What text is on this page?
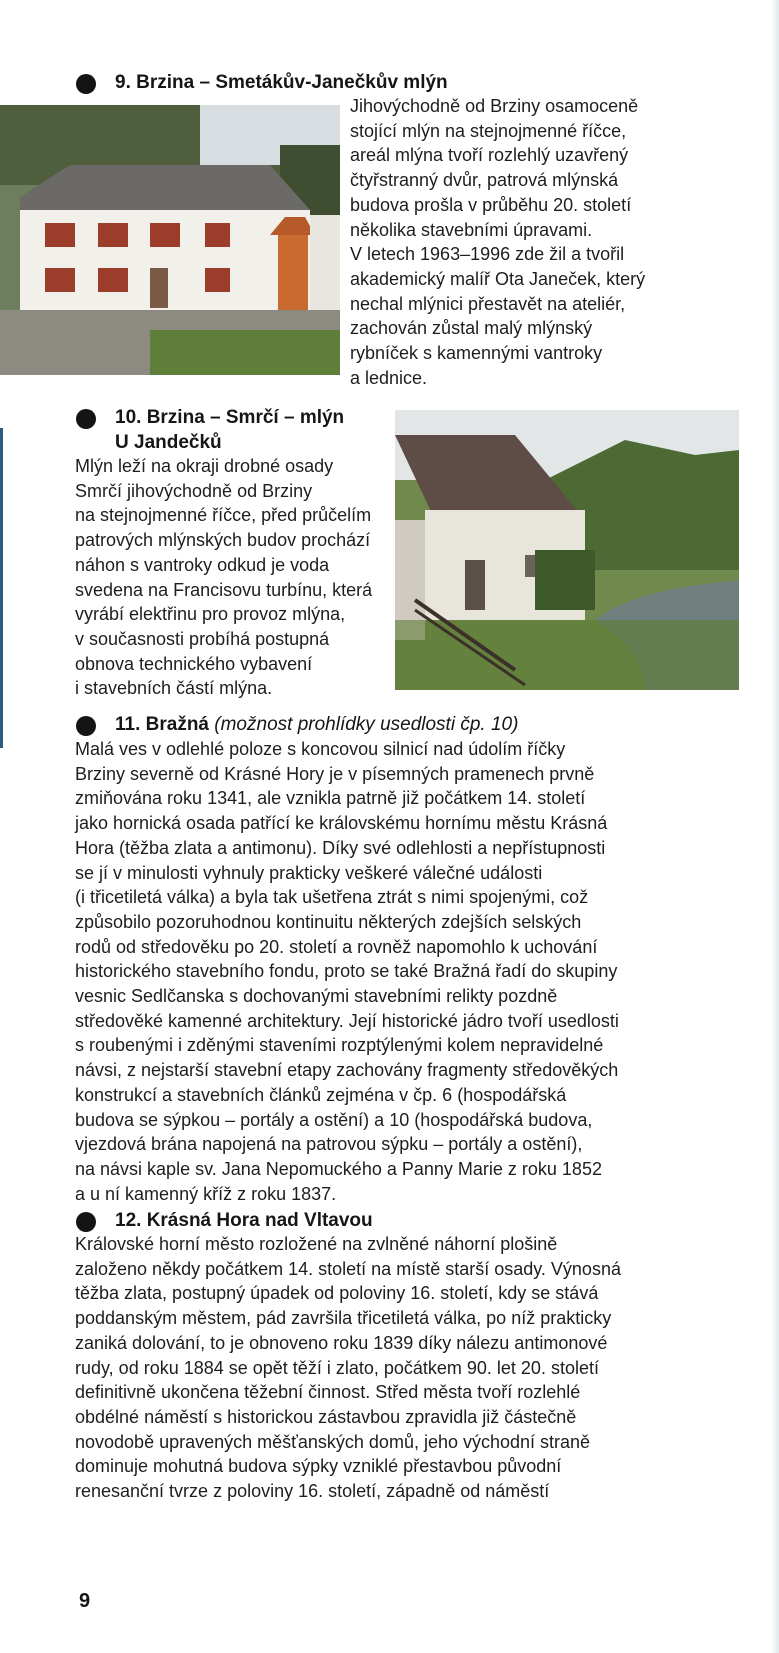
9. Brzina – Smetákův-Janečkův mlýn

Jihovýchodně od Brziny osamoceně
stojící mlýn na stejnojmenné říčce,
areál mlýna tvoří rozlehlý uzavřený
čtyřstranný dvůr, patrová mlýnská
budova prošla v průběhu 20. století
několika stavebními úpravami.
V letech 1963–1996 zde žil a tvořil
akademický malíř Ota Janeček, který
nechal mlýnici přestavět na ateliér,
zachován zůstal malý mlýnský
rybníček s kamennými vantroky
a lednice.

10. Brzina – Smrčí – mlýn
U Jandečků

Mlýn leží na okraji drobné osady
Smrčí jihovýchodně od Brziny
na stejnojmenné říčce, před průčelím
patrových mlýnských budov prochází
náhon s vantroky odkud je voda
svedena na Francisovu turbínu, která
vyrábí elektřinu pro provoz mlýna,
v současnosti probíhá postupná
obnova technického vybavení
i stavebních částí mlýna.

11. Bražná (možnost prohlídky usedlosti čp. 10)

Malá ves v odlehlé poloze s koncovou silnicí nad údolím říčky
Brziny severně od Krásné Hory je v písemných pramenech prvně
zmiňována roku 1341, ale vznikla patrně již počátkem 14. století
jako hornická osada patřící ke královskému hornímu městu Krásná
Hora (těžba zlata a antimonu). Díky své odlehlosti a nepřístupnosti
se jí v minulosti vyhnuly prakticky veškeré válečné události
(i třicetiletá válka) a byla tak ušetřena ztrát s nimi spojenými, což
způsobilo pozoruhodnou kontinuitu některých zdejších selských
rodů od středověku po 20. století a rovněž napomohlo k uchování
historického stavebního fondu, proto se také Bražná řadí do skupiny
vesnic Sedlčanska s dochovanými stavebními relikty pozdně
středověké kamenné architektury. Její historické jádro tvoří usedlosti
s roubenými i zděnými staveními rozptýlenými kolem nepravidelné
návsi, z nejstarší stavební etapy zachovány fragmenty středověkých
konstrukcí a stavebních článků zejména v čp. 6 (hospodářská
budova se sýpkou – portály a ostění) a 10 (hospodářská budova,
vjezdová brána napojená na patrovou sýpku – portály a ostění),
na návsi kaple sv. Jana Nepomuckého a Panny Marie z roku 1852
a u ní kamenný kříž z roku 1837.

12. Krásná Hora nad Vltavou

Královské horní město rozložené na zvlněné náhorní plošině
založeno někdy počátkem 14. století na místě starší osady. Výnosná
těžba zlata, postupný úpadek od poloviny 16. století, kdy se stává
poddanským městem, pád završila třicetiletá válka, po níž prakticky
zaniká dolování, to je obnoveno roku 1839 díky nálezu antimonové
rudy, od roku 1884 se opět těží i zlato, počátkem 90. let 20. století
definitivně ukončena těžební činnost. Střed města tvoří rozlehlé
obdélné náměstí s historickou zástavbou zpravidla již částečně
novodobě upravených měšťanských domů, jeho východní straně
dominuje mohutná budova sýpky vzniklé přestavbou původní
renesanční tvrze z poloviny 16. století, západně od náměstí

9
